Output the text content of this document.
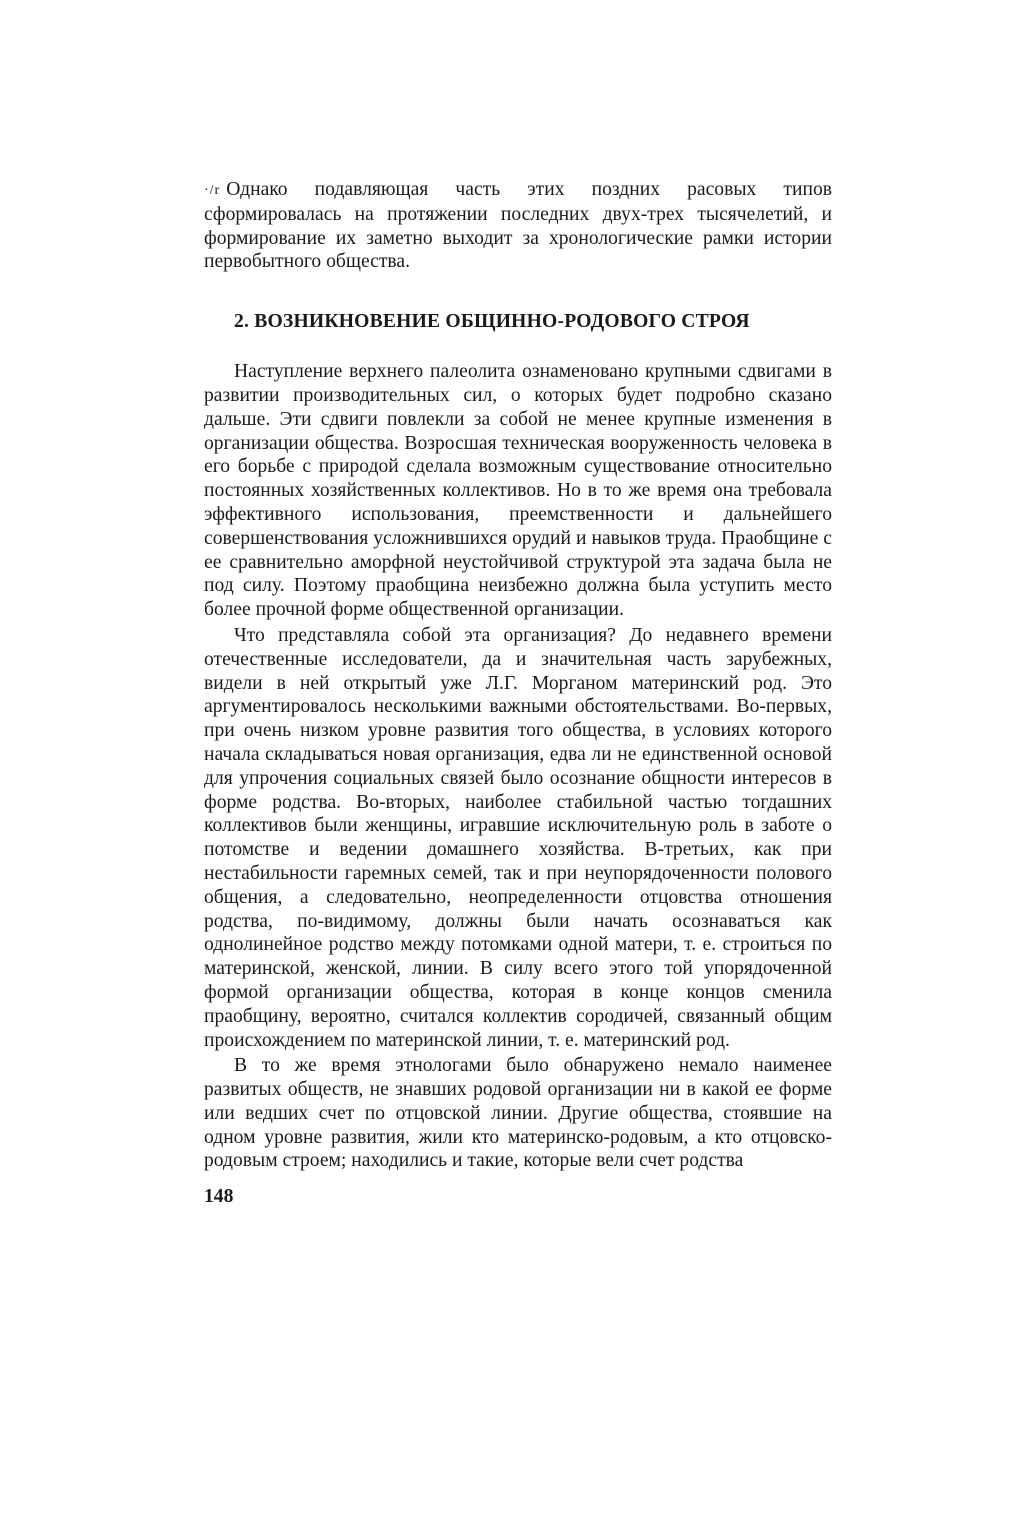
·/r Однако подавляющая часть этих поздних расовых типов сформировалась на протяжении последних двух-трех тысячелетий, и формирование их заметно выходит за хронологические рамки истории первобытного общества.

2. ВОЗНИКНОВЕНИЕ ОБЩИННО-РОДОВОГО СТРОЯ

Наступление верхнего палеолита ознаменовано крупными сдвигами в развитии производительных сил, о которых будет подробно сказано дальше. Эти сдвиги повлекли за собой не менее крупные изменения в организации общества. Возросшая техническая вооруженность человека в его борьбе с природой сделала возможным существование относительно постоянных хозяйственных коллективов. Но в то же время она требовала эффективного использования, преемственности и дальнейшего совершенствования усложнившихся орудий и навыков труда. Праобщине с ее сравнительно аморфной неустойчивой структурой эта задача была не под силу. Поэтому праобщина неизбежно должна была уступить место более прочной форме общественной организации.

Что представляла собой эта организация? До недавнего времени отечественные исследователи, да и значительная часть зарубежных, видели в ней открытый уже Л.Г. Морганом материнский род. Это аргументировалось несколькими важными обстоятельствами. Во-первых, при очень низком уровне развития того общества, в условиях которого начала складываться новая организация, едва ли не единственной основой для упрочения социальных связей было осознание общности интересов в форме родства. Во-вторых, наиболее стабильной частью тогдашних коллективов были женщины, игравшие исключительную роль в заботе о потомстве и ведении домашнего хозяйства. В-третьих, как при нестабильности гаремных семей, так и при неупорядоченности полового общения, а следовательно, неопределенности отцовства отношения родства, по-видимому, должны были начать осознаваться как однолинейное родство между потомками одной матери, т. е. строиться по материнской, женской, линии. В силу всего этого той упорядоченной формой организации общества, которая в конце концов сменила праобщину, вероятно, считался коллектив сородичей, связанный общим происхождением по материнской линии, т. е. материнский род.

В то же время этнологами было обнаружено немало наименее развитых обществ, не знавших родовой организации ни в какой ее форме или ведших счет по отцовской линии. Другие общества, стоявшие на одном уровне развития, жили кто материнско-родовым, а кто отцовско-родовым строем; находились и такие, которые вели счет родства

148
